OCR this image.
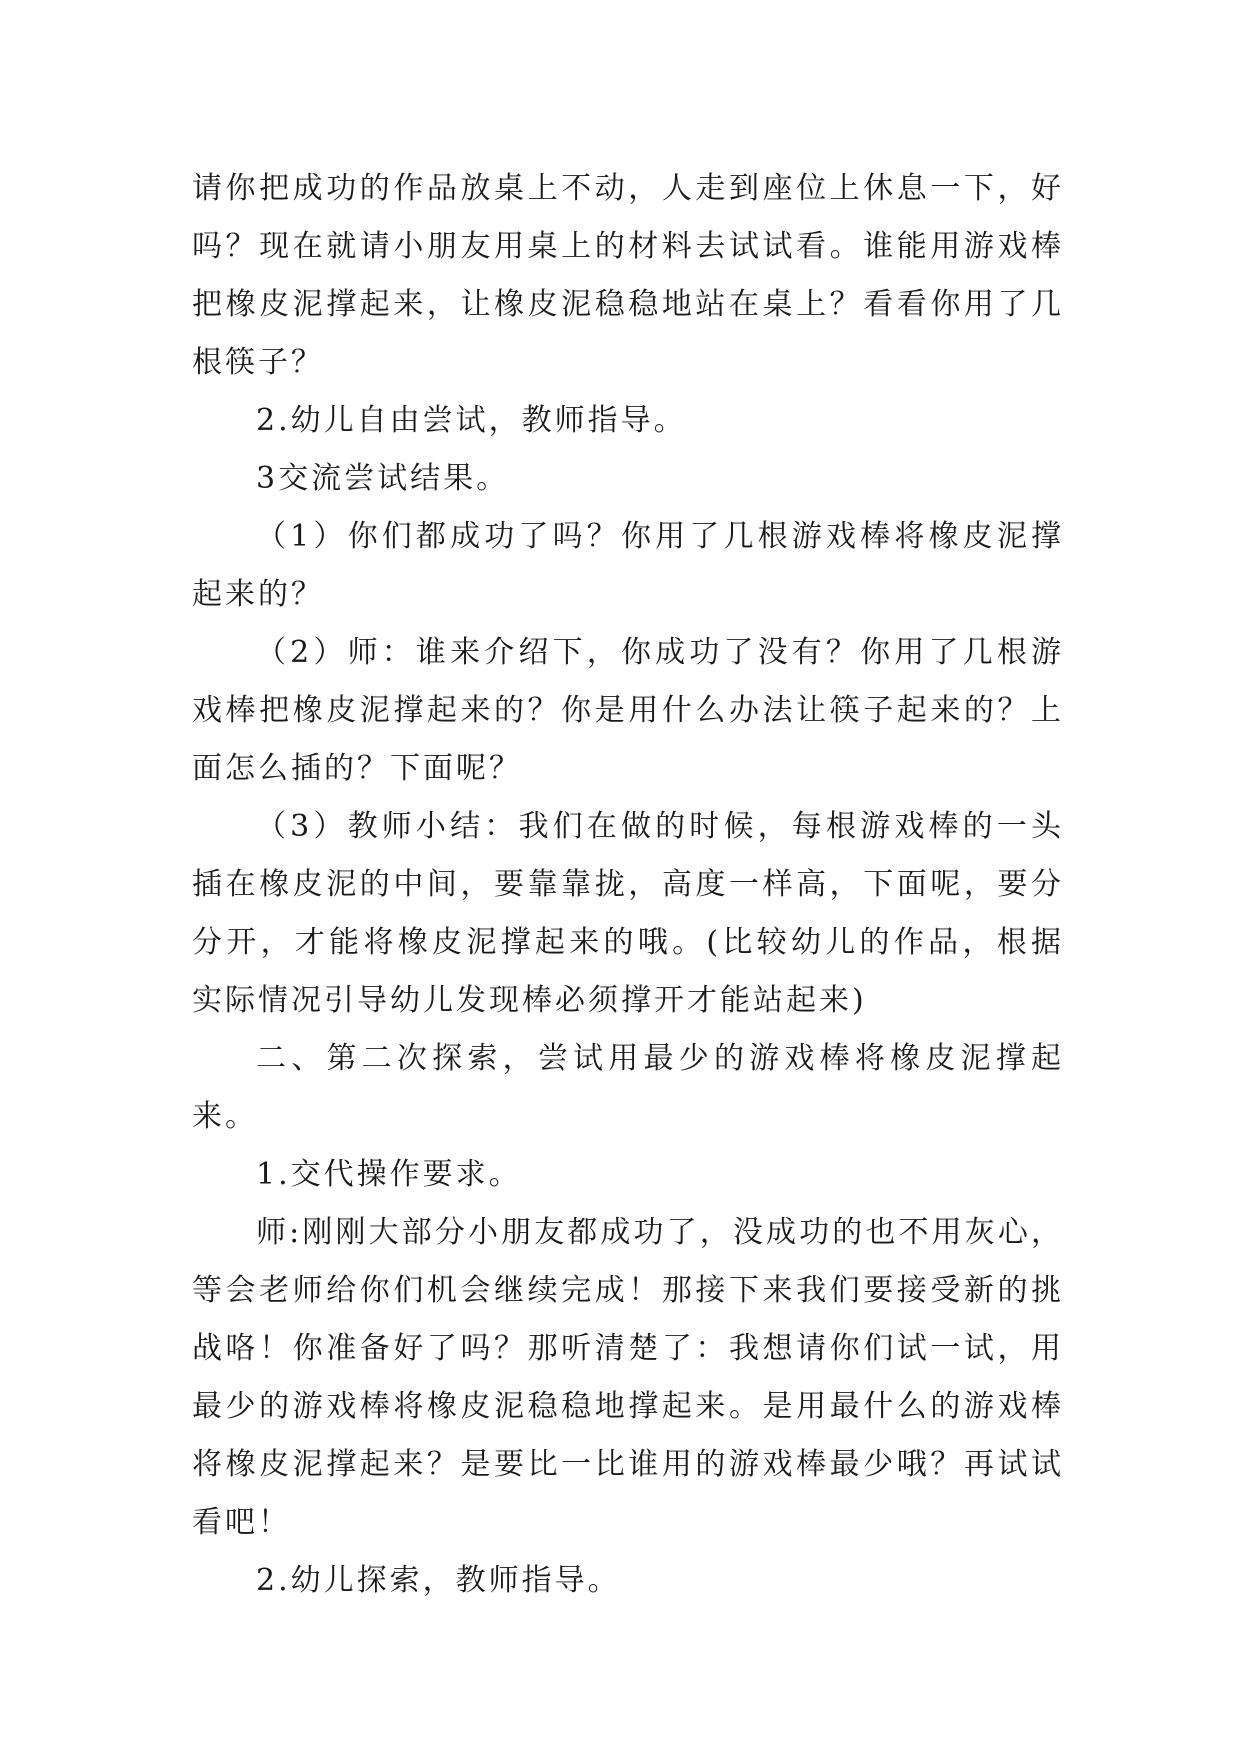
请你把成功的作品放桌上不动，人走到座位上休息一下，好吗？现在就请小朋友用桌上的材料去试试看。谁能用游戏棒把橡皮泥撑起来，让橡皮泥稳稳地站在桌上？看看你用了几根筷子？

2.幼儿自由尝试，教师指导。

3交流尝试结果。

（1）你们都成功了吗？你用了几根游戏棒将橡皮泥撑起来的？

（2）师：谁来介绍下，你成功了没有？你用了几根游戏棒把橡皮泥撑起来的？你是用什么办法让筷子起来的？上面怎么插的？下面呢？

（3）教师小结：我们在做的时候，每根游戏棒的一头插在橡皮泥的中间，要靠靠拢，高度一样高，下面呢，要分分开，才能将橡皮泥撑起来的哦。(比较幼儿的作品，根据实际情况引导幼儿发现棒必须撑开才能站起来)

二、第二次探索，尝试用最少的游戏棒将橡皮泥撑起来。

1.交代操作要求。

师:刚刚大部分小朋友都成功了，没成功的也不用灰心，等会老师给你们机会继续完成！那接下来我们要接受新的挑战咯！你准备好了吗？那听清楚了：我想请你们试一试，用最少的游戏棒将橡皮泥稳稳地撑起来。是用最什么的游戏棒将橡皮泥撑起来？是要比一比谁用的游戏棒最少哦？再试试看吧！

2.幼儿探索，教师指导。
